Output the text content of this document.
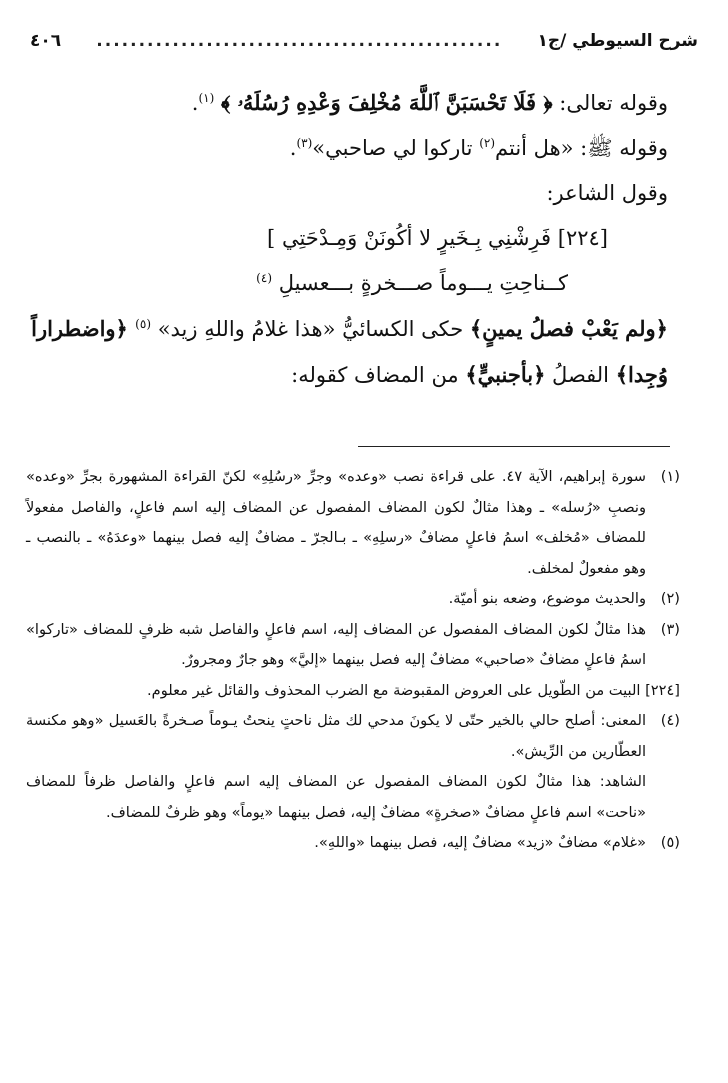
شرح السيوطي /ج۱
................................................
٤٠٦

وقوله تعالى: ﴿ فَلَا تَحْسَبَنَّ ٱللَّهَ مُخْلِفَ وَعْدِهِ رُسُلَهُۥ ﴾ $^{(١)}$.

وقوله ﷺ: «هل أنتم$^{(٢)}$ تاركوا لي صاحبي»$^{(٣)}$.

وقول الشاعر:

[٢٢٤] فَرِشْنِي بِـخَيرٍ لا أكُونَنْ وَمِـدْحَتِي ]

كــناحِتِ يـــوماً صـــخرةٍ بـــعسيلِ $^{(٤)}$

﴿ولم يَعْبْ فصلُ يمينٍ﴾ حكى الكسائيُّ «هذا غلامُ واللهِ زيد» $^{(٥)}$ ﴿واضطراراً وُجِدا﴾ الفصلُ ﴿بأجنبيٍّ﴾ من المضاف كقوله:

(١)
سورة إبراهيم، الآية ٤٧. على قراءة نصب «وعده» وجرِّ «رسُلِهِ» لكنّ القراءة المشهورة بجرِّ «وعده» ونصبِ «رُسله» ـ وهذا مثالٌ لكون المضاف المفصول عن المضاف إليه اسم فاعلٍ، والفاصل مفعولاً للمضاف «مُخلف» اسمُ فاعلٍ مضافٌ «رسلِهِ» ـ بـالجرّ ـ مضافٌ إليه فصل بينهما «وعدَهُ» ـ بالنصب ـ وهو مفعولٌ لمخلف.
(٢)
والحديث موضوع، وضعه بنو أميّة.
(٣)
هذا مثالٌ لكون المضاف المفصول عن المضاف إليه، اسم فاعلٍ والفاصل شبه ظرفٍ للمضاف «تاركوا» اسمُ فاعلٍ مضافٌ «صاحبي» مضافٌ إليه فصل بينهما «إليَّ» وهو جارٌ ومجرورٌ.
[٢٢٤] البيت من الطّويل على العروض المقبوضة مع الضرب المحذوف والقائل غير معلوم.
(٤)
المعنى: أصلح حالي بالخير حتّى لا يكونَ مدحي لك مثل ناحتٍ ينحتُ يـوماً صـخرةً بالعَسيل «وهو مكنسة العطّارين من الرِّيش».
الشاهد: هذا مثالٌ لكون المضاف المفصول عن المضاف إليه اسم فاعلٍ والفاصل ظرفاً للمضاف «ناحت» اسم فاعلٍ مضافٌ «صخرةٍ» مضافٌ إليه، فصل بينهما «يوماً» وهو ظرفٌ للمضاف.
(٥)
«غلام» مضافٌ «زيد» مضافٌ إليه، فصل بينهما «واللهِ».
